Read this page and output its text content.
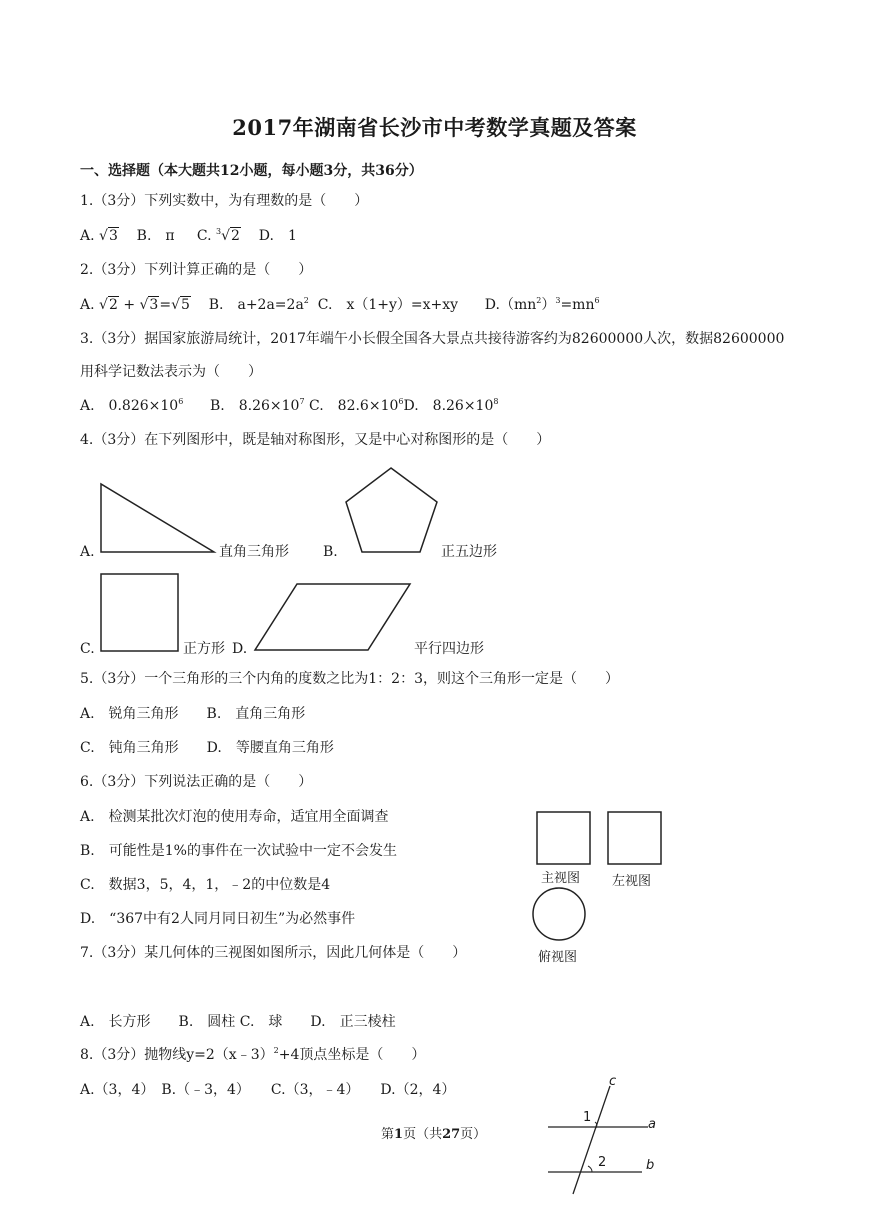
2017年湖南省长沙市中考数学真题及答案
一、选择题（本大题共12小题，每小题3分，共36分）
1.（3分）下列实数中，为有理数的是（　　）
A. √3 B.　π C. $^3$√2 D.　1
2.（3分）下列计算正确的是（　　）
A. √2 + √3=√5 B.　$a+2a=2a^2$ C.　x（1+y）=x+xy $D.(mn^2)^3=mn^6$
3.（3分）据国家旅游局统计，2017年端午小长假全国各大景点共接待游客约为82600000人次，数据82600000
用科学记数法表示为（　　）
A.　$0.826\times 10^6$ B.　$8.26\times 10^7$ C.　$82.6\times 10^6D$.　$8.26\times 10^8$
4.（3分）在下列图形中，既是轴对称图形，又是中心对称图形的是（　　）
A.	直角三角形 B.	正五边形
C.	正方形 D.	平行四边形
5.（3分）一个三角形的三个内角的度数之比为1：2：3，则这个三角形一定是（　　）
A.　锐角三角形　　B.　直角三角形
C.　钝角三角形　　D.　等腰直角三角形
6.（3分）下列说法正确的是（　　）
A.　检测某批次灯泡的使用寿命，适宜用全面调查
B.　可能性是1%的事件在一次试验中一定不会发生
C.　数据3，5，4，1，﹣2的中位数是4
D.　“367中有2人同月同日初生”为必然事件
主视图 左视图
俯视图
7.（3分）某几何体的三视图如图所示，因此几何体是（　　）
A.　长方形　　B.　圆柱 C.　球　　D.　正三棱柱
8.（3分）抛物线y=2（x﹣3）$^2$+4顶点坐标是（　　）
A.（3，4）　B.（﹣3，4）　　C.（3，﹣4）　　D.（2，4）
c
a
b
1
2
第1页（共27页）
